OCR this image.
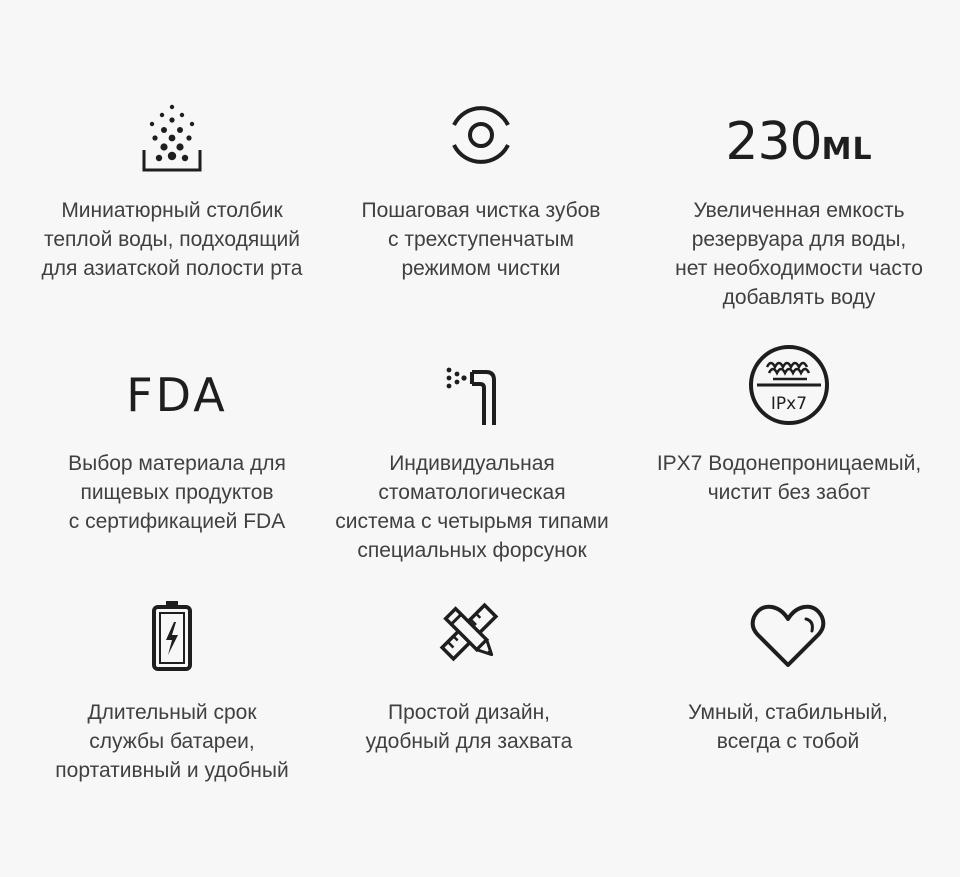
Миниатюрный столбик
теплой воды, подходящий
для азиатской полости рта
Пошаговая чистка зубов
с трехступенчатым
режимом чистки
230ML
Увеличенная емкость
резервуара для воды,
нет необходимости часто
добавлять воду
FDA
Выбор материала для
пищевых продуктов
с сертификацией FDA
Индивидуальная
стоматологическая
система с четырьмя типами
специальных форсунок
IPx7
IPX7 Водонепроницаемый,
чистит без забот
Длительный срок
службы батареи,
портативный и удобный
Простой дизайн,
удобный для захвата
Умный, стабильный,
всегда с тобой
